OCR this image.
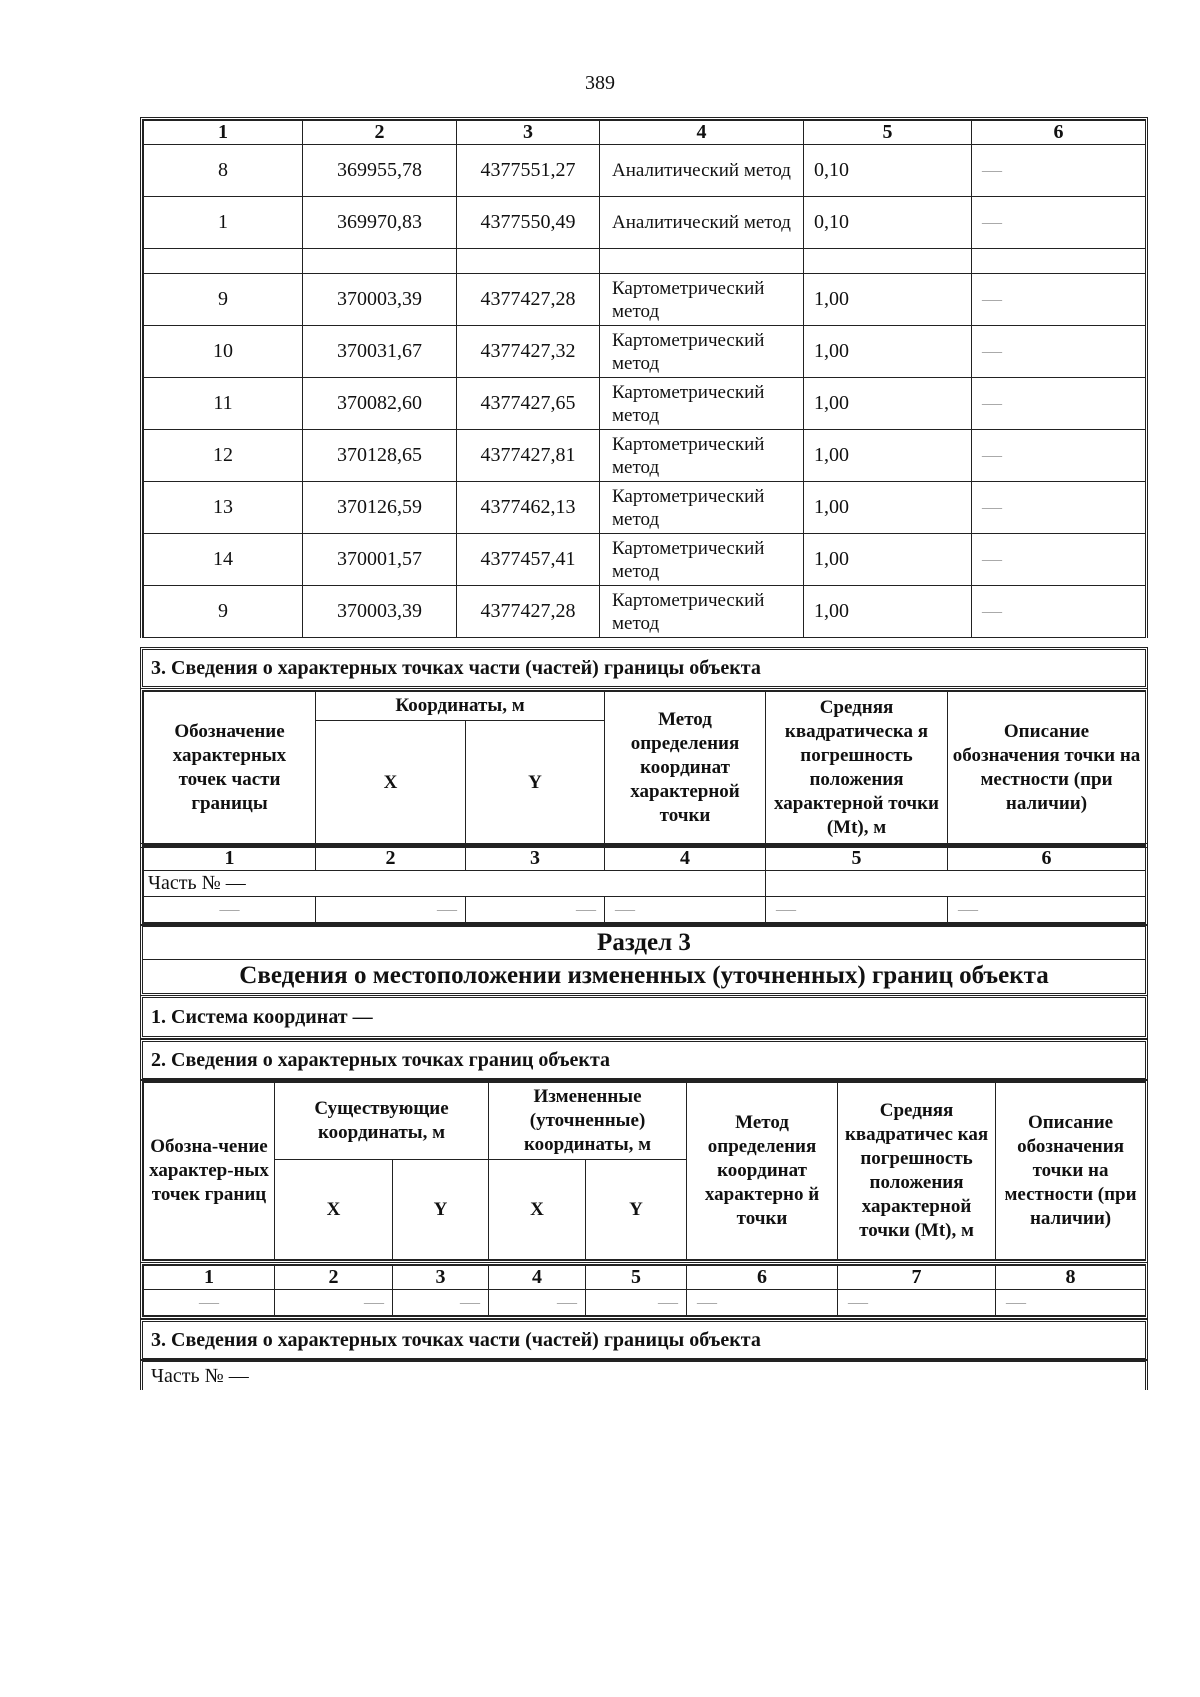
389
1	2	3	4	5	6
8	369955,78	4377551,27	Аналитический метод	0,10	—
1	369970,83	4377550,49	Аналитический метод	0,10	—

9	370003,39	4377427,28	Картометрический метод	1,00	—
10	370031,67	4377427,32	Картометрический метод	1,00	—
11	370082,60	4377427,65	Картометрический метод	1,00	—
12	370128,65	4377427,81	Картометрический метод	1,00	—
13	370126,59	4377462,13	Картометрический метод	1,00	—
14	370001,57	4377457,41	Картометрический метод	1,00	—
9	370003,39	4377427,28	Картометрический метод	1,00	—
3. Сведения о характерных точках части (частей) границы объекта
Обозначение характерных точек части границы	Координаты, м		Метод определения координат характерной точки	Средняя квадратическа я погрешность положения характерной точки (Mt), м	Описание обозначения точки на местности (при наличии)
	X	Y			
1	2	3	4	5	6
Часть № —					
—	—	—	—	—	—
Раздел 3
Сведения о местоположении измененных (уточненных) границ объекта
1. Система координат —
2. Сведения о характерных точках границ объекта
Обозна-чение характер-ных точек границ	Существующие координаты, м		Измененные (уточненные) координаты, м		Метод определения координат характерно й точки	Средняя квадратичес кая погрешность положения характерной точки (Mt), м	Описание обозначения точки на местности (при наличии)
	X	Y	X	Y			
1	2	3	4	5	6	7	8
—	—	—	—	—	—	—	—
3. Сведения о характерных точках части (частей) границы объекта
Часть № —
